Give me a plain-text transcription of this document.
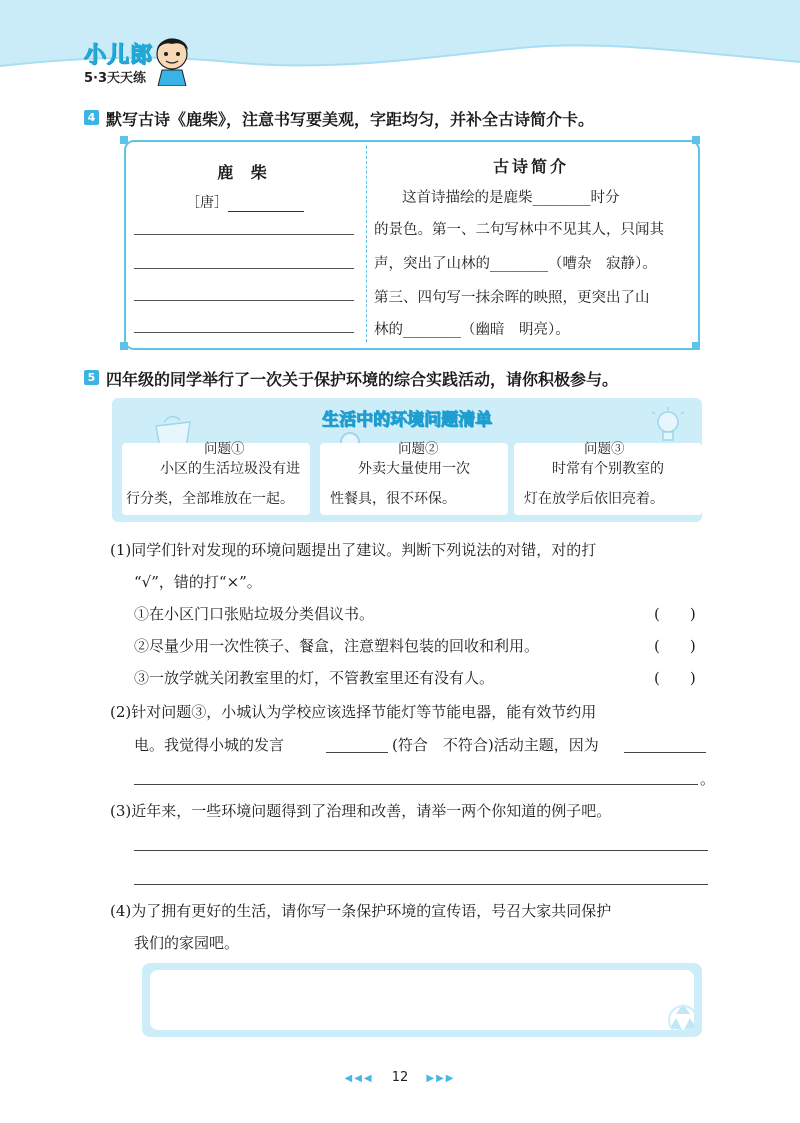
小儿郎
5·3天天练
4 默写古诗《鹿柴》，注意书写要美观，字距均匀，并补全古诗简介卡。
鹿 柴
［唐］
古诗简介
这首诗描绘的是鹿柴________时分
的景色。第一、二句写林中不见其人，只闻其
声，突出了山林的________（嘈杂　寂静）。
第三、四句写一抹余晖的映照，更突出了山
林的________（幽暗　明亮）。
5 四年级的同学举行了一次关于保护环境的综合实践活动，请你积极参与。
生活中的环境问题清单
问题①	问题②	问题③
小区的生活垃圾没有进
行分类，全部堆放在一起。
外卖大量使用一次
性餐具，很不环保。
时常有个别教室的
灯在放学后依旧亮着。
(1)同学们针对发现的环境问题提出了建议。判断下列说法的对错，对的打
“√”，错的打“×”。
①在小区门口张贴垃圾分类倡议书。	(　　)
②尽量少用一次性筷子、餐盒，注意塑料包装的回收和利用。	(　　)
③一放学就关闭教室里的灯，不管教室里还有没有人。	(　　)
(2)针对问题③，小城认为学校应该选择节能灯等节能电器，能有效节约用
电。我觉得小城的发言	(符合　不符合)活动主题，因为
。
(3)近年来，一些环境问题得到了治理和改善，请举一两个你知道的例子吧。
(4)为了拥有更好的生活，请你写一条保护环境的宣传语，号召大家共同保护
我们的家园吧。
◀◀◀ 12 ▶▶▶
